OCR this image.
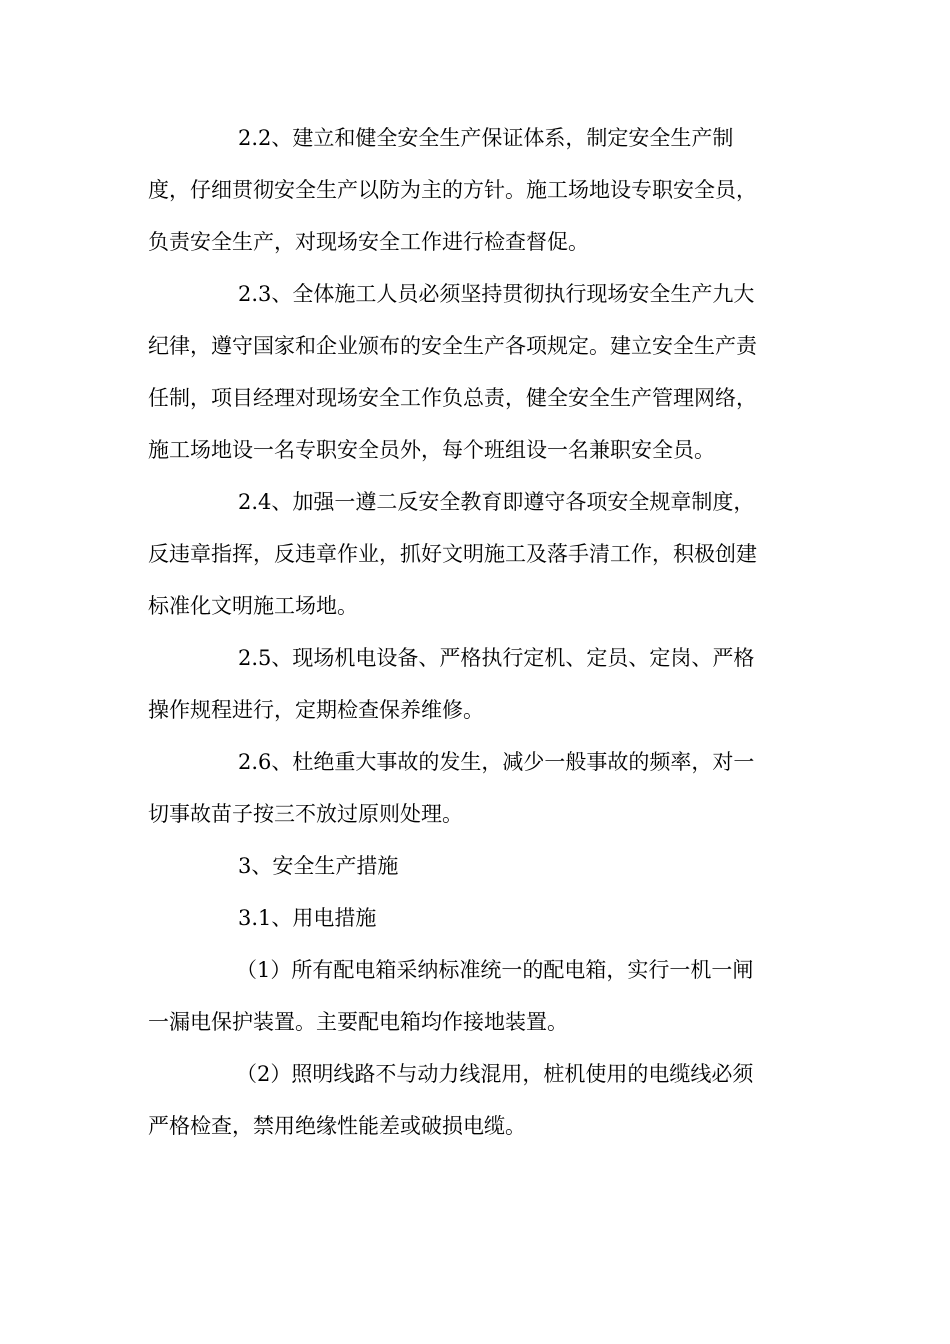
2.2、建立和健全安全生产保证体系，制定安全生产制
度，仔细贯彻安全生产以防为主的方针。施工场地设专职安全员，
负责安全生产，对现场安全工作进行检查督促。
2.3、全体施工人员必须坚持贯彻执行现场安全生产九大
纪律，遵守国家和企业颁布的安全生产各项规定。建立安全生产责
任制，项目经理对现场安全工作负总责，健全安全生产管理网络，
施工场地设一名专职安全员外，每个班组设一名兼职安全员。
2.4、加强一遵二反安全教育即遵守各项安全规章制度，
反违章指挥，反违章作业，抓好文明施工及落手清工作，积极创建
标准化文明施工场地。
2.5、现场机电设备、严格执行定机、定员、定岗、严格
操作规程进行，定期检查保养维修。
2.6、杜绝重大事故的发生，减少一般事故的频率，对一
切事故苗子按三不放过原则处理。
3、安全生产措施
3.1、用电措施
（1）所有配电箱采纳标准统一的配电箱，实行一机一闸
一漏电保护装置。主要配电箱均作接地装置。
（2）照明线路不与动力线混用，桩机使用的电缆线必须
严格检查，禁用绝缘性能差或破损电缆。
